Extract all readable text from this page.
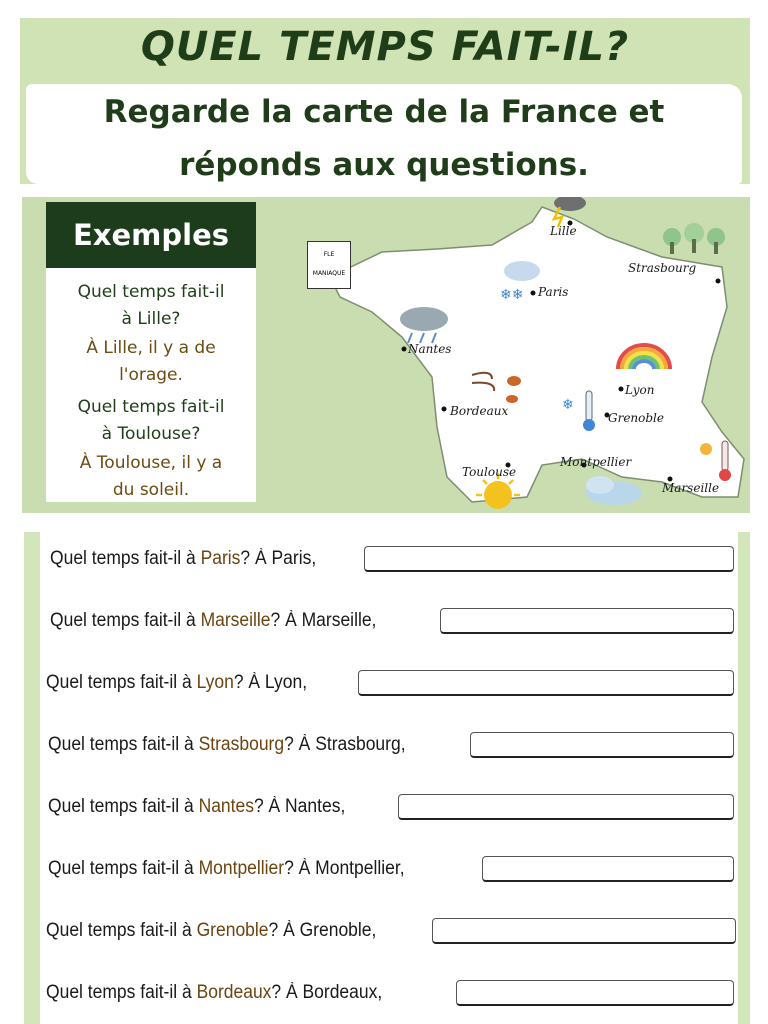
QUEL TEMPS FAIT-IL?
Regarde la carte de la France et
réponds aux questions.
Exemples
Quel temps fait-il
à Lille?
À Lille, il y a de
l'orage.
Quel temps fait-il
à Toulouse?
À Toulouse, il y a
du soleil.
❄❄
❄
FLE
MANIAQUE
Lille
Strasbourg
Paris
Nantes
Lyon
Bordeaux	Grenoble
Toulouse
Montpellier
Marseille
Quel temps fait-il à Paris? À Paris,
Quel temps fait-il à Marseille? À Marseille,
Quel temps fait-il à Lyon? À Lyon,
Quel temps fait-il à Strasbourg? À Strasbourg,
Quel temps fait-il à Nantes? À Nantes,
Quel temps fait-il à Montpellier? À Montpellier,
Quel temps fait-il à Grenoble? À Grenoble,
Quel temps fait-il à Bordeaux? À Bordeaux,
